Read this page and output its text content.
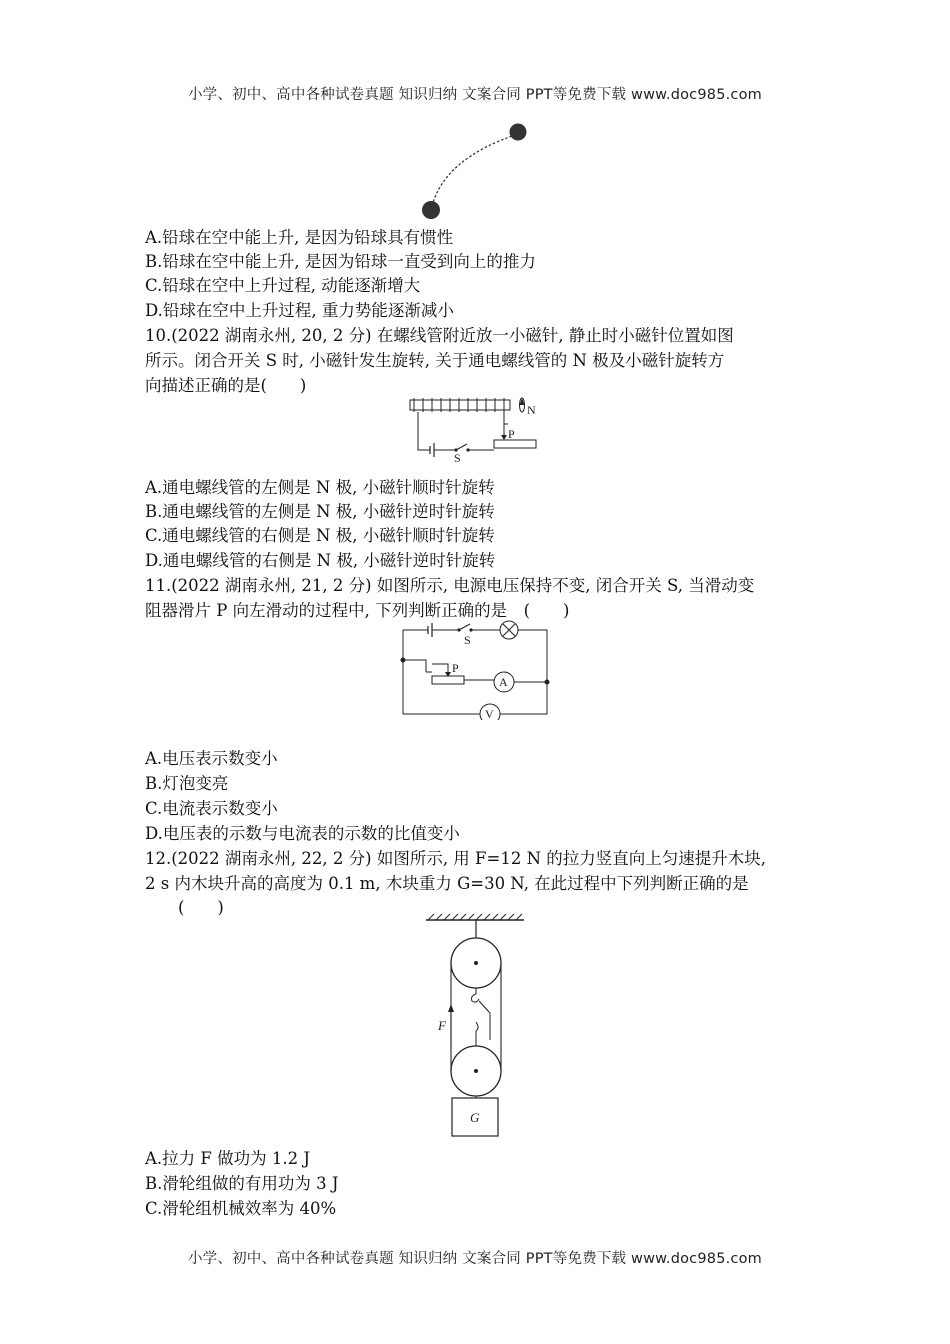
小学、初中、高中各种试卷真题 知识归纳 文案合同 PPT等免费下载 www.doc985.com
A.铅球在空中能上升, 是因为铅球具有惯性
B.铅球在空中能上升, 是因为铅球一直受到向上的推力
C.铅球在空中上升过程, 动能逐渐增大
D.铅球在空中上升过程, 重力势能逐渐减小
10.(2022 湖南永州, 20, 2 分) 在螺线管附近放一小磁针, 静止时小磁针位置如图
所示。闭合开关 S 时, 小磁针发生旋转, 关于通电螺线管的 N 极及小磁针旋转方
向描述正确的是(　　)
N
S
P
A.通电螺线管的左侧是 N 极, 小磁针顺时针旋转
B.通电螺线管的左侧是 N 极, 小磁针逆时针旋转
C.通电螺线管的右侧是 N 极, 小磁针顺时针旋转
D.通电螺线管的右侧是 N 极, 小磁针逆时针旋转
11.(2022 湖南永州, 21, 2 分) 如图所示, 电源电压保持不变, 闭合开关 S, 当滑动变
阻器滑片 P 向左滑动的过程中, 下列判断正确的是　(　　)
S
P
A
V
A.电压表示数变小
B.灯泡变亮
C.电流表示数变小
D.电压表的示数与电流表的示数的比值变小
12.(2022 湖南永州, 22, 2 分) 如图所示, 用 F=12 N 的拉力竖直向上匀速提升木块,
2 s 内木块升高的高度为 0.1 m, 木块重力 G=30 N, 在此过程中下列判断正确的是
　　(　　)
F
G
A.拉力 F 做功为 1.2 J
B.滑轮组做的有用功为 3 J
C.滑轮组机械效率为 40%
小学、初中、高中各种试卷真题 知识归纳 文案合同 PPT等免费下载 www.doc985.com
